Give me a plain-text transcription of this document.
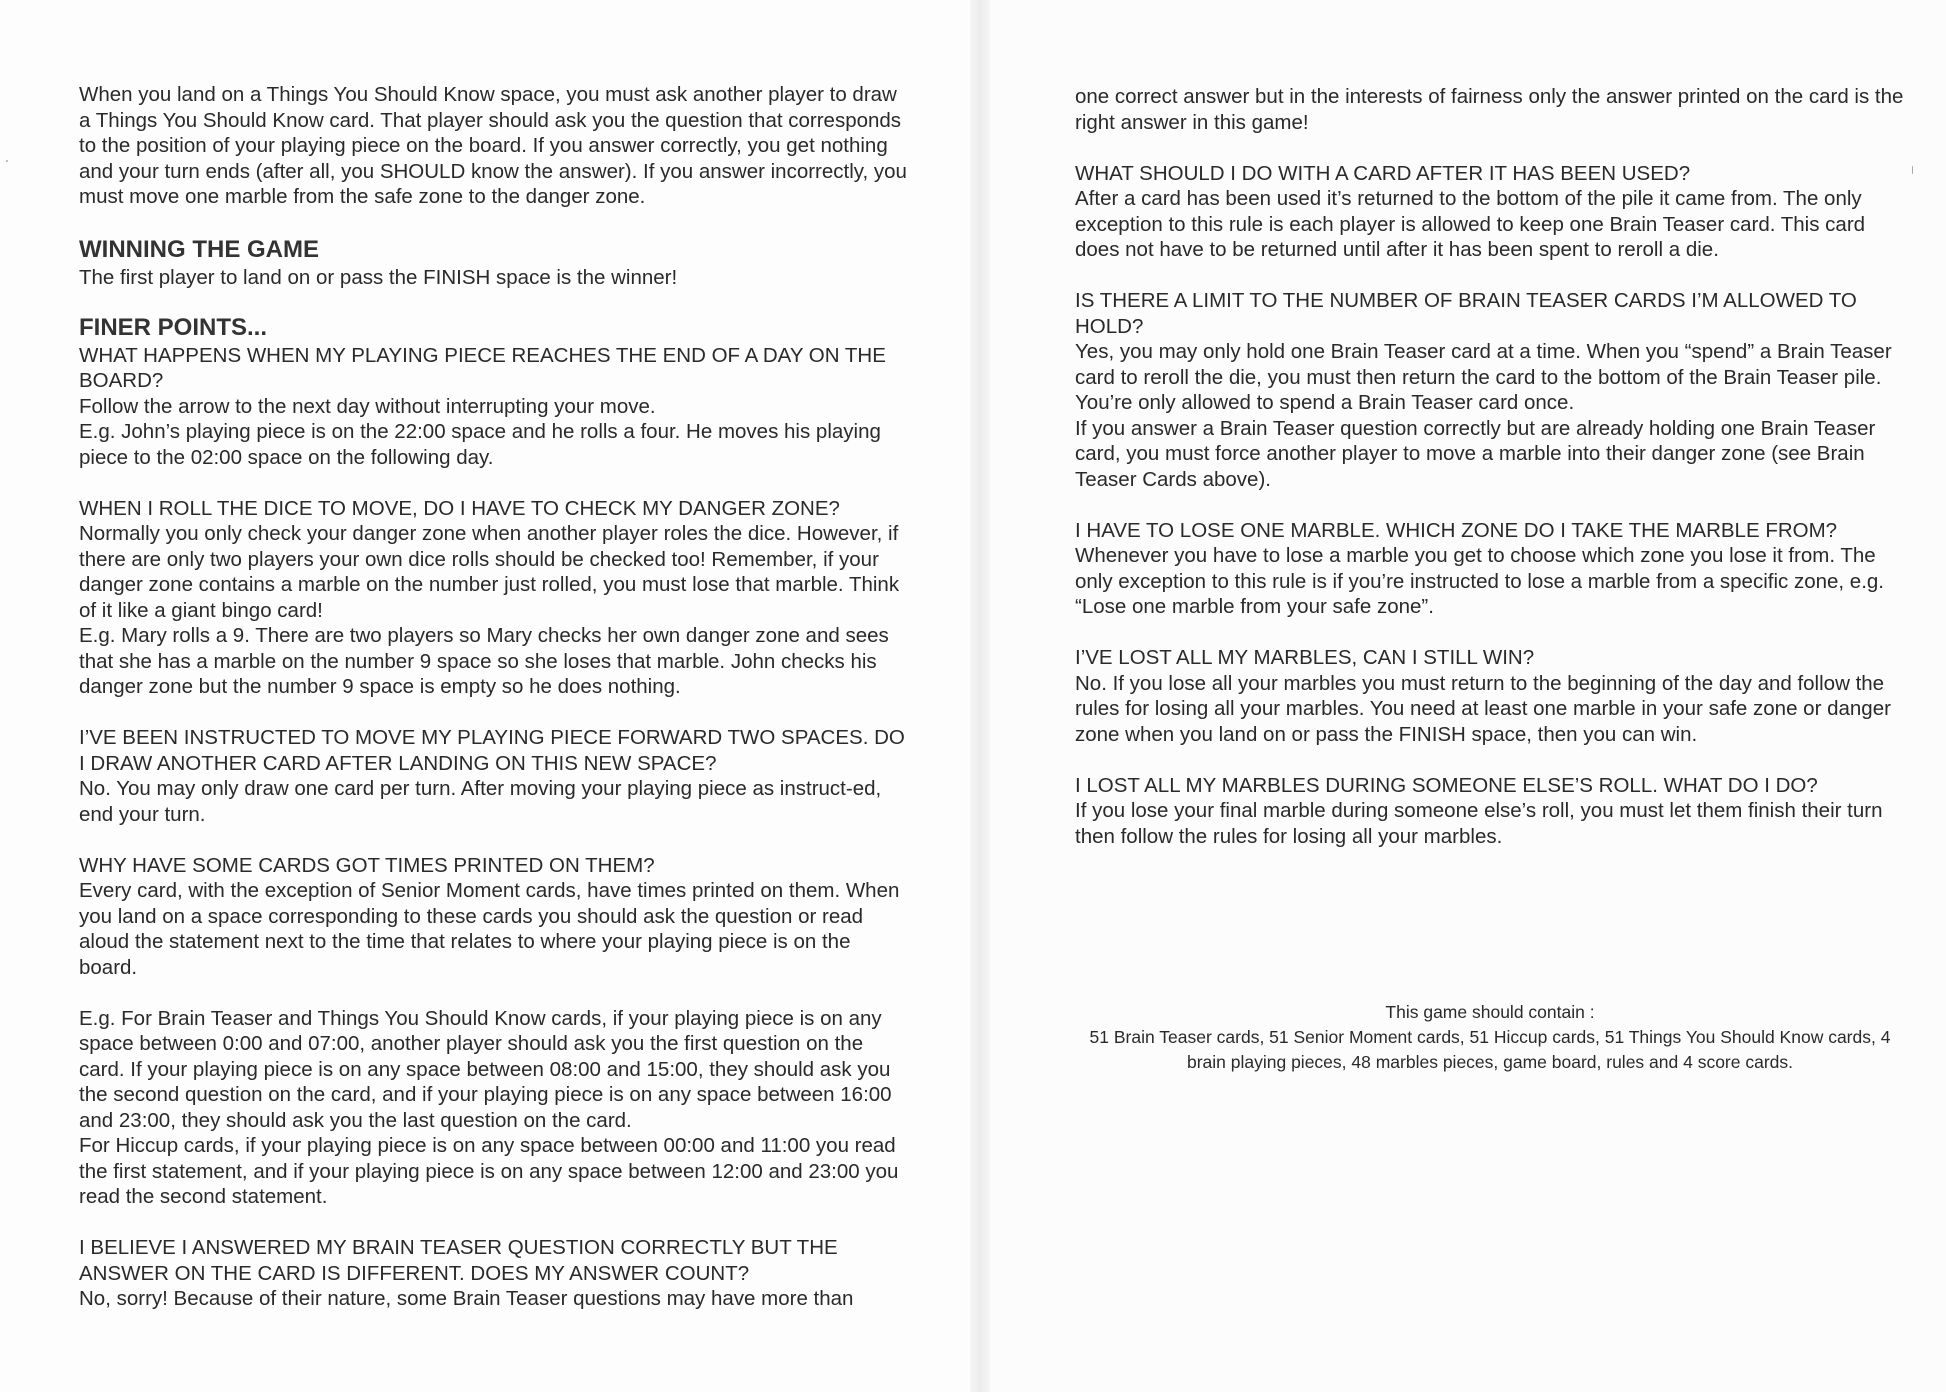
When you land on a Things You Should Know space, you must ask another player to draw a Things You Should Know card. That player should ask you the question that corresponds to the position of your playing piece on the board. If you answer correctly, you get nothing and your turn ends (after all, you SHOULD know the answer). If you answer incorrectly, you must move one marble from the safe zone to the danger zone.

WINNING THE GAME

The first player to land on or pass the FINISH space is the winner!

FINER POINTS...

WHAT HAPPENS WHEN MY PLAYING PIECE REACHES THE END OF A DAY ON THE BOARD?

Follow the arrow to the next day without interrupting your move.

E.g. John’s playing piece is on the 22:00 space and he rolls a four. He moves his playing piece to the 02:00 space on the following day.

WHEN I ROLL THE DICE TO MOVE, DO I HAVE TO CHECK MY DANGER ZONE?

Normally you only check your danger zone when another player roles the dice. However, if there are only two players your own dice rolls should be checked too! Remember, if your danger zone contains a marble on the number just rolled, you must lose that marble. Think of it like a giant bingo card!

E.g. Mary rolls a 9. There are two players so Mary checks her own danger zone and sees that she has a marble on the number 9 space so she loses that marble. John checks his danger zone but the number 9 space is empty so he does nothing.

I’VE BEEN INSTRUCTED TO MOVE MY PLAYING PIECE FORWARD TWO SPACES. DO I DRAW ANOTHER CARD AFTER LANDING ON THIS NEW SPACE?

No. You may only draw one card per turn. After moving your playing piece as instruct-ed, end your turn.

WHY HAVE SOME CARDS GOT TIMES PRINTED ON THEM?

Every card, with the exception of Senior Moment cards, have times printed on them. When you land on a space corresponding to these cards you should ask the question or read aloud the statement next to the time that relates to where your playing piece is on the board.

E.g. For Brain Teaser and Things You Should Know cards, if your playing piece is on any space between 0:00 and 07:00, another player should ask you the first question on the card. If your playing piece is on any space between 08:00 and 15:00, they should ask you the second question on the card, and if your playing piece is on any space between 16:00 and 23:00, they should ask you the last question on the card.

For Hiccup cards, if your playing piece is on any space between 00:00 and 11:00 you read the first statement, and if your playing piece is on any space between 12:00 and 23:00 you read the second statement.

I BELIEVE I ANSWERED MY BRAIN TEASER QUESTION CORRECTLY BUT THE ANSWER ON THE CARD IS DIFFERENT. DOES MY ANSWER COUNT?

No, sorry! Because of their nature, some Brain Teaser questions may have more than

one correct answer but in the interests of fairness only the answer printed on the card is the right answer in this game!

WHAT SHOULD I DO WITH A CARD AFTER IT HAS BEEN USED?

After a card has been used it’s returned to the bottom of the pile it came from. The only exception to this rule is each player is allowed to keep one Brain Teaser card. This card does not have to be returned until after it has been spent to reroll a die.

IS THERE A LIMIT TO THE NUMBER OF BRAIN TEASER CARDS I’M ALLOWED TO HOLD?

Yes, you may only hold one Brain Teaser card at a time. When you “spend” a Brain Teaser card to reroll the die, you must then return the card to the bottom of the Brain Teaser pile. You’re only allowed to spend a Brain Teaser card once.

If you answer a Brain Teaser question correctly but are already holding one Brain Teaser card, you must force another player to move a marble into their danger zone (see Brain Teaser Cards above).

I HAVE TO LOSE ONE MARBLE. WHICH ZONE DO I TAKE THE MARBLE FROM?

Whenever you have to lose a marble you get to choose which zone you lose it from. The only exception to this rule is if you’re instructed to lose a marble from a specific zone, e.g. “Lose one marble from your safe zone”.

I’VE LOST ALL MY MARBLES, CAN I STILL WIN?

No. If you lose all your marbles you must return to the beginning of the day and follow the rules for losing all your marbles. You need at least one marble in your safe zone or danger zone when you land on or pass the FINISH space, then you can win.

I LOST ALL MY MARBLES DURING SOMEONE ELSE’S ROLL. WHAT DO I DO?

If you lose your final marble during someone else’s roll, you must let them finish their turn then follow the rules for losing all your marbles.

This game should contain :

51 Brain Teaser cards, 51 Senior Moment cards, 51 Hiccup cards, 51 Things You Should Know cards, 4 brain playing pieces, 48 marbles pieces, game board, rules and 4 score cards.
